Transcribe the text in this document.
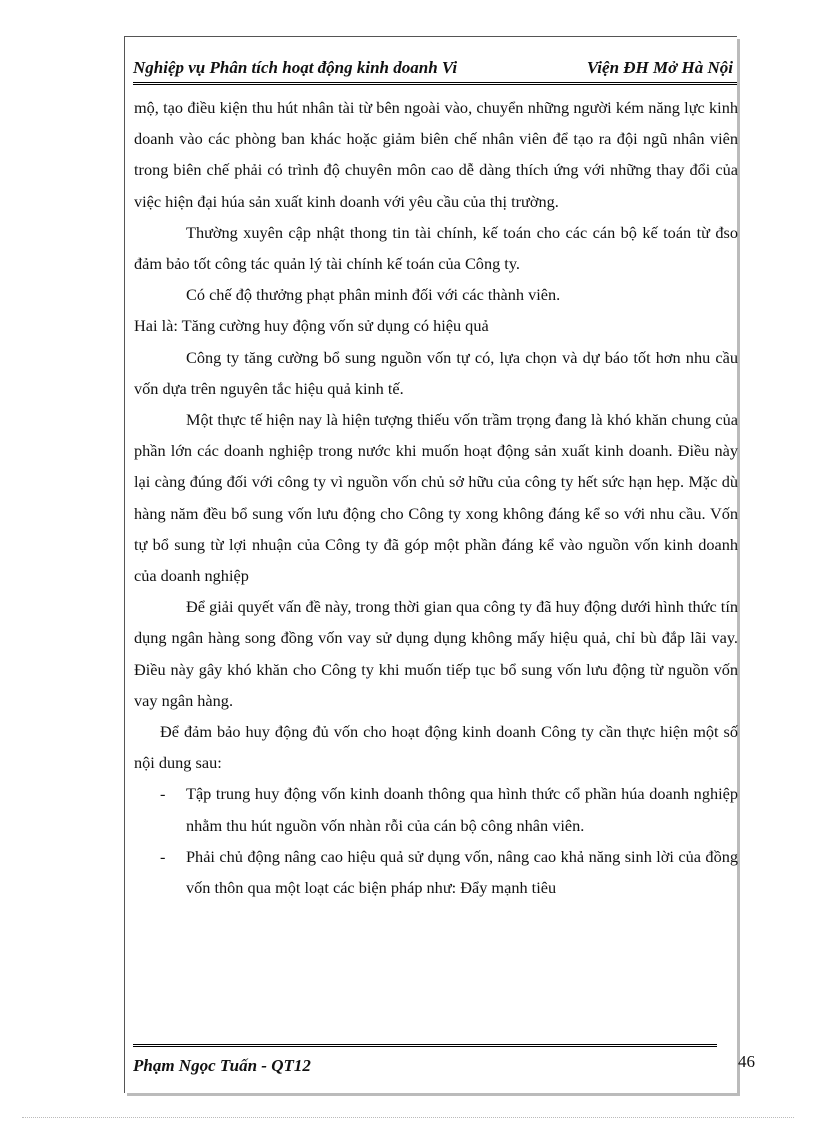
Nghiệp vụ Phân tích hoạt động kinh doanh Vi	Viện ĐH Mở Hà Nội

mộ, tạo điều kiện thu hút nhân tài từ bên ngoài vào, chuyển những người kém năng lực kinh doanh vào các phòng ban khác hoặc giảm biên chế nhân viên để tạo ra đội ngũ nhân viên trong biên chế phải có trình độ chuyên môn cao dễ dàng thích ứng với những thay đổi của việc hiện đại húa sản xuất kinh doanh với yêu cầu của thị trường.

Thường xuyên cập nhật thong tin tài chính, kế toán cho các cán bộ kế toán từ đso đảm bảo tốt công tác quản lý tài chính kế toán của Công ty.

Có chế độ thưởng phạt phân minh đối với các thành viên.

Hai là: Tăng cường huy động vốn sử dụng có hiệu quả

Công ty tăng cường bổ sung nguồn vốn tự có, lựa chọn và dự báo tốt hơn nhu cầu vốn dựa trên nguyên tắc hiệu quả kinh tế.

Một thực tế hiện nay là hiện tượng thiếu vốn trầm trọng đang là khó khăn chung của phần lớn các doanh nghiệp trong nước khi muốn hoạt động sản xuất kinh doanh. Điều này lại càng đúng đối với công ty vì nguồn vốn chủ sở hữu của công ty hết sức hạn hẹp. Mặc dù hàng năm đều bổ sung vốn lưu động cho Công ty xong không đáng kể so với nhu cầu. Vốn tự bổ sung từ lợi nhuận của Công ty đã góp một phần đáng kể vào nguồn vốn kinh doanh của doanh nghiệp

Để giải quyết vấn đề này, trong thời gian qua công ty đã huy động dưới hình thức tín dụng ngân hàng song đồng vốn vay sử dụng dụng không mấy hiệu quả, chỉ bù đắp lãi vay. Điều này gây khó khăn cho Công ty khi muốn tiếp tục bổ sung vốn lưu động từ nguồn vốn vay ngân hàng.

Để đảm bảo huy động đủ vốn cho hoạt động kinh doanh Công ty cần thực hiện một số nội dung sau:

-	Tập trung huy động vốn kinh doanh thông qua hình thức cổ phần húa doanh nghiệp nhằm thu hút nguồn vốn nhàn rỗi của cán bộ công nhân viên.
-	Phải chủ động nâng cao hiệu quả sử dụng vốn, nâng cao khả năng sinh lời của đồng vốn thôn qua một loạt các biện pháp như: Đẩy mạnh tiêu
Phạm Ngọc Tuấn - QT12	46
